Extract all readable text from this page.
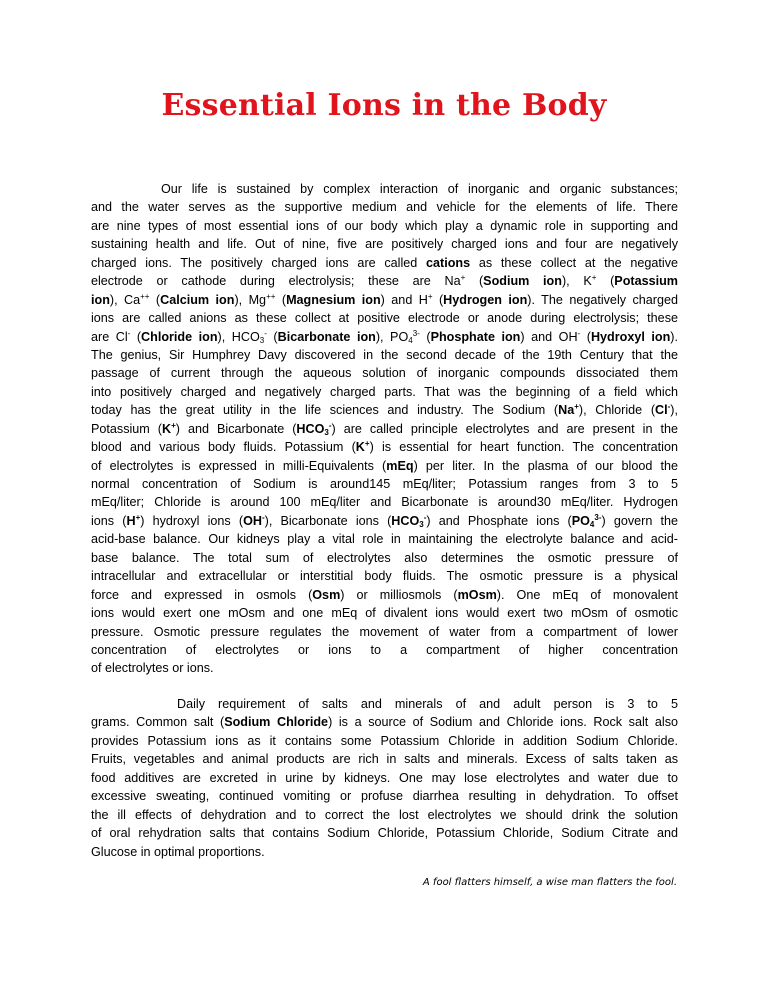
Essential Ions in the Body
Our life is sustained by complex interaction of inorganic and organic substances;
and the water serves as the supportive medium and vehicle for the elements of life. There
are nine types of most essential ions of our body which play a dynamic role in supporting and
sustaining health and life. Out of nine, five are positively charged ions and four are negatively
charged ions. The positively charged ions are called cations as these collect at the negative
electrode or cathode during electrolysis; these are Na+ (Sodium ion), K+ (Potassium
ion), Ca++ (Calcium ion), Mg++ (Magnesium ion) and H+ (Hydrogen ion). The negatively charged
ions are called anions as these collect at positive electrode or anode during electrolysis; these
are Cl- (Chloride ion), $HCO_3^-$ (Bicarbonate ion), $PO_4^{3-}$ (Phosphate ion) and OH- (Hydroxyl ion).
The genius, Sir Humphrey Davy discovered in the second decade of the 19th Century that the
passage of current through the aqueous solution of inorganic compounds dissociated them
into positively charged and negatively charged parts. That was the beginning of a field which
today has the great utility in the life sciences and industry. The Sodium (Na+), Chloride (Cl-),
Potassium (K+) and Bicarbonate $(HCO_3^-)$ are called principle electrolytes and are present in the
blood and various body fluids. Potassium (K+) is essential for heart function. The concentration
of electrolytes is expressed in milli-Equivalents (mEq) per liter. In the plasma of our blood the
normal concentration of Sodium is around145 mEq/liter; Potassium ranges from 3 to 5
mEq/liter; Chloride is around 100 mEq/liter and Bicarbonate is around30 mEq/liter. Hydrogen
ions (H+) hydroxyl ions (OH-), Bicarbonate ions $(HCO_3^-)$ and Phosphate ions $(PO_4^{3-})$ govern the
acid-base balance. Our kidneys play a vital role in maintaining the electrolyte balance and acid-
base balance. The total sum of electrolytes also determines the osmotic pressure of
intracellular and extracellular or interstitial body fluids. The osmotic pressure is a physical
force and expressed in osmols (Osm) or milliosmols (mOsm). One mEq of monovalent
ions would exert one mOsm and one mEq of divalent ions would exert two mOsm of osmotic
pressure. Osmotic pressure regulates the movement of water from a compartment of lower
concentration of electrolytes or ions to a compartment of higher concentration
of electrolytes or ions.
Daily requirement of salts and minerals of and adult person is 3 to 5
grams. Common salt (Sodium Chloride) is a source of Sodium and Chloride ions. Rock salt also
provides Potassium ions as it contains some Potassium Chloride in addition Sodium Chloride.
Fruits, vegetables and animal products are rich in salts and minerals. Excess of salts taken as
food additives are excreted in urine by kidneys. One may lose electrolytes and water due to
excessive sweating, continued vomiting or profuse diarrhea resulting in dehydration. To offset
the ill effects of dehydration and to correct the lost electrolytes we should drink the solution
of oral rehydration salts that contains Sodium Chloride, Potassium Chloride, Sodium Citrate and
Glucose in optimal proportions.
A fool flatters himself, a wise man flatters the fool.
